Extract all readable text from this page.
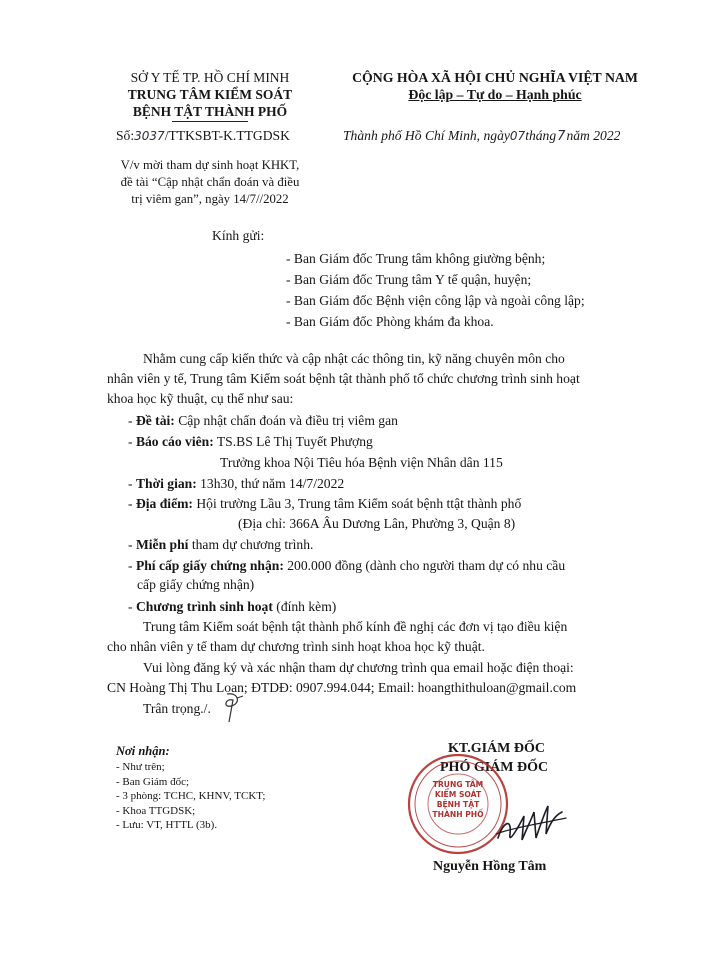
SỞ Y TẾ TP. HỒ CHÍ MINH
TRUNG TÂM KIỂM SOÁT
BỆNH TẬT THÀNH PHỐ
Số:3037/TTKSBT-K.TTGDSK
V/v mời tham dự sinh hoạt KHKT,
đề tài “Cập nhật chẩn đoán và điều
trị viêm gan”, ngày 14/7//2022
CỘNG HÒA XÃ HỘI CHỦ NGHĨA VIỆT NAM
Độc lập – Tự do – Hạnh phúc
Thành phố Hồ Chí Minh, ngày07tháng7năm 2022
Kính gửi:
- Ban Giám đốc Trung tâm không giường bệnh;
- Ban Giám đốc Trung tâm Y tế quận, huyện;
- Ban Giám đốc Bệnh viện công lập và ngoài công lập;
- Ban Giám đốc Phòng khám đa khoa.
Nhằm cung cấp kiến thức và cập nhật các thông tin, kỹ năng chuyên môn cho
nhân viên y tế, Trung tâm Kiểm soát bệnh tật thành phố tổ chức chương trình sinh hoạt
khoa học kỹ thuật, cụ thể như sau:
- Đề tài: Cập nhật chẩn đoán và điều trị viêm gan
- Báo cáo viên: TS.BS Lê Thị Tuyết Phượng
Trưởng khoa Nội Tiêu hóa Bệnh viện Nhân dân 115
- Thời gian: 13h30, thứ năm 14/7/2022
- Địa điểm: Hội trường Lầu 3, Trung tâm Kiểm soát bệnh ttật thành phố
(Địa chỉ: 366A Âu Dương Lân, Phường 3, Quận 8)
- Miễn phí tham dự chương trình.
- Phí cấp giấy chứng nhận: 200.000 đồng (dành cho người tham dự có nhu cầu
cấp giấy chứng nhận)
- Chương trình sinh hoạt (đính kèm)
Trung tâm Kiểm soát bệnh tật thành phố kính đề nghị các đơn vị tạo điều kiện
cho nhân viên y tế tham dự chương trình sinh hoạt khoa học kỹ thuật.
Vui lòng đăng ký và xác nhận tham dự chương trình qua email hoặc điện thoại:
CN Hoàng Thị Thu Loan; ĐTDĐ: 0907.994.044; Email: hoangthithuloan@gmail.com
Trân trọng./.
Nơi nhận:
- Như trên;
- Ban Giám đốc;
- 3 phòng: TCHC, KHNV, TCKT;
- Khoa TTGDSK;
- Lưu: VT, HTTL (3b).
KT.GIÁM ĐỐC
PHÓ GIÁM ĐỐC
TRUNG TÂM
KIỂM SOÁT
BỆNH TẬT
THÀNH PHỐ
Nguyễn Hồng Tâm
